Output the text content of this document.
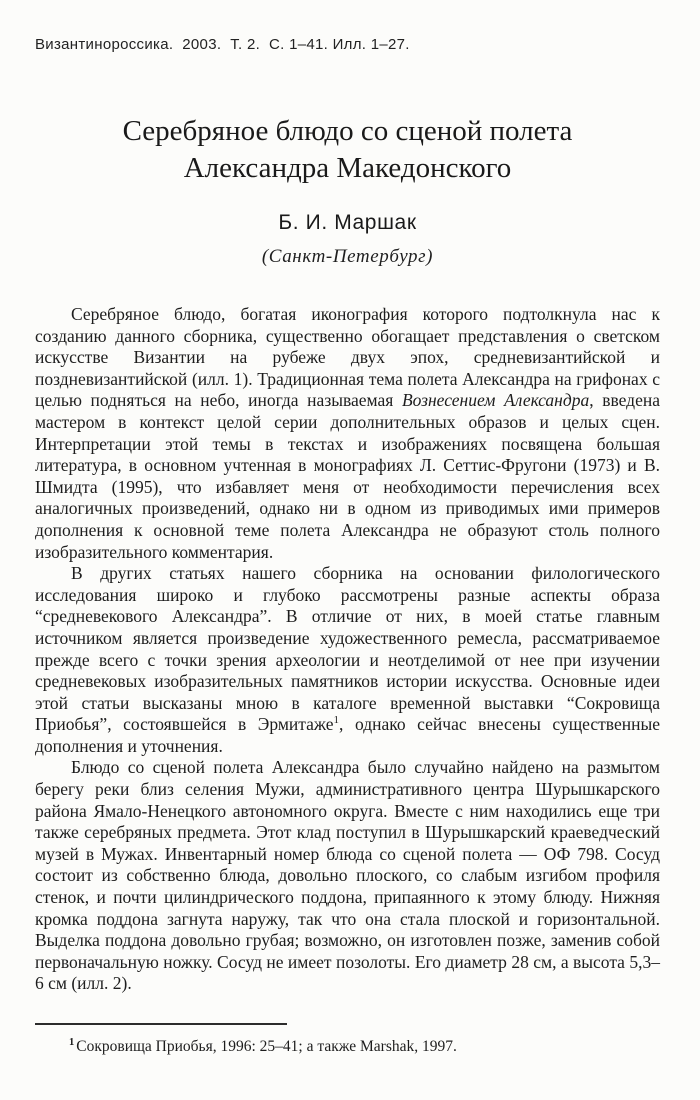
Византинороссика.  2003.  Т. 2.  С. 1–41. Илл. 1–27.
Серебряное блюдо со сценой полета Александра Македонского
Б. И. Маршак
(Санкт-Петербург)

Серебряное блюдо, богатая иконография которого подтолкнула нас к созданию данного сборника, существенно обогащает представления о светском искусстве Византии на рубеже двух эпох, средневизантийской и поздневизантийской (илл. 1). Традиционная тема полета Александра на грифонах с целью подняться на небо, иногда называемая Вознесением Александра, введена мастером в контекст целой серии дополнительных образов и целых сцен. Интерпретации этой темы в текстах и изображениях посвящена большая литература, в основном учтенная в монографиях Л. Сеттис-Фругони (1973) и В. Шмидта (1995), что избавляет меня от необходимости перечисления всех аналогичных произведений, однако ни в одном из приводимых ими примеров дополнения к основной теме полета Александра не образуют столь полного изобразительного комментария.

В других статьях нашего сборника на основании филологического исследования широко и глубоко рассмотрены разные аспекты образа “средневекового Александра”. В отличие от них, в моей статье главным источником является произведение художественного ремесла, рассматриваемое прежде всего с точки зрения археологии и неотделимой от нее при изучении средневековых изобразительных памятников истории искусства. Основные идеи этой статьи высказаны мною в каталоге временной выставки “Сокровища Приобья”, состоявшейся в Эрмитаже$^1$, однако сейчас внесены существенные дополнения и уточнения.

Блюдо со сценой полета Александра было случайно найдено на размытом берегу реки близ селения Мужи, административного центра Шурышкарского района Ямало-Ненецкого автономного округа. Вместе с ним находились еще три также серебряных предмета. Этот клад поступил в Шурышкарский краеведческий музей в Мужах. Инвентарный номер блюда со сценой полета — ОФ 798. Сосуд состоит из собственно блюда, довольно плоского, со слабым изгибом профиля стенок, и почти цилиндрического поддона, припаянного к этому блюду. Нижняя кромка поддона загнута наружу, так что она стала плоской и горизонтальной. Выделка поддона довольно грубая; возможно, он изготовлен позже, заменив собой первоначальную ножку. Сосуд не имеет позолоты. Его диаметр 28 см, а высота 5,3–6 см (илл. 2).

$^1$ Сокровища Приобья, 1996: 25–41; а также Marshak, 1997.
